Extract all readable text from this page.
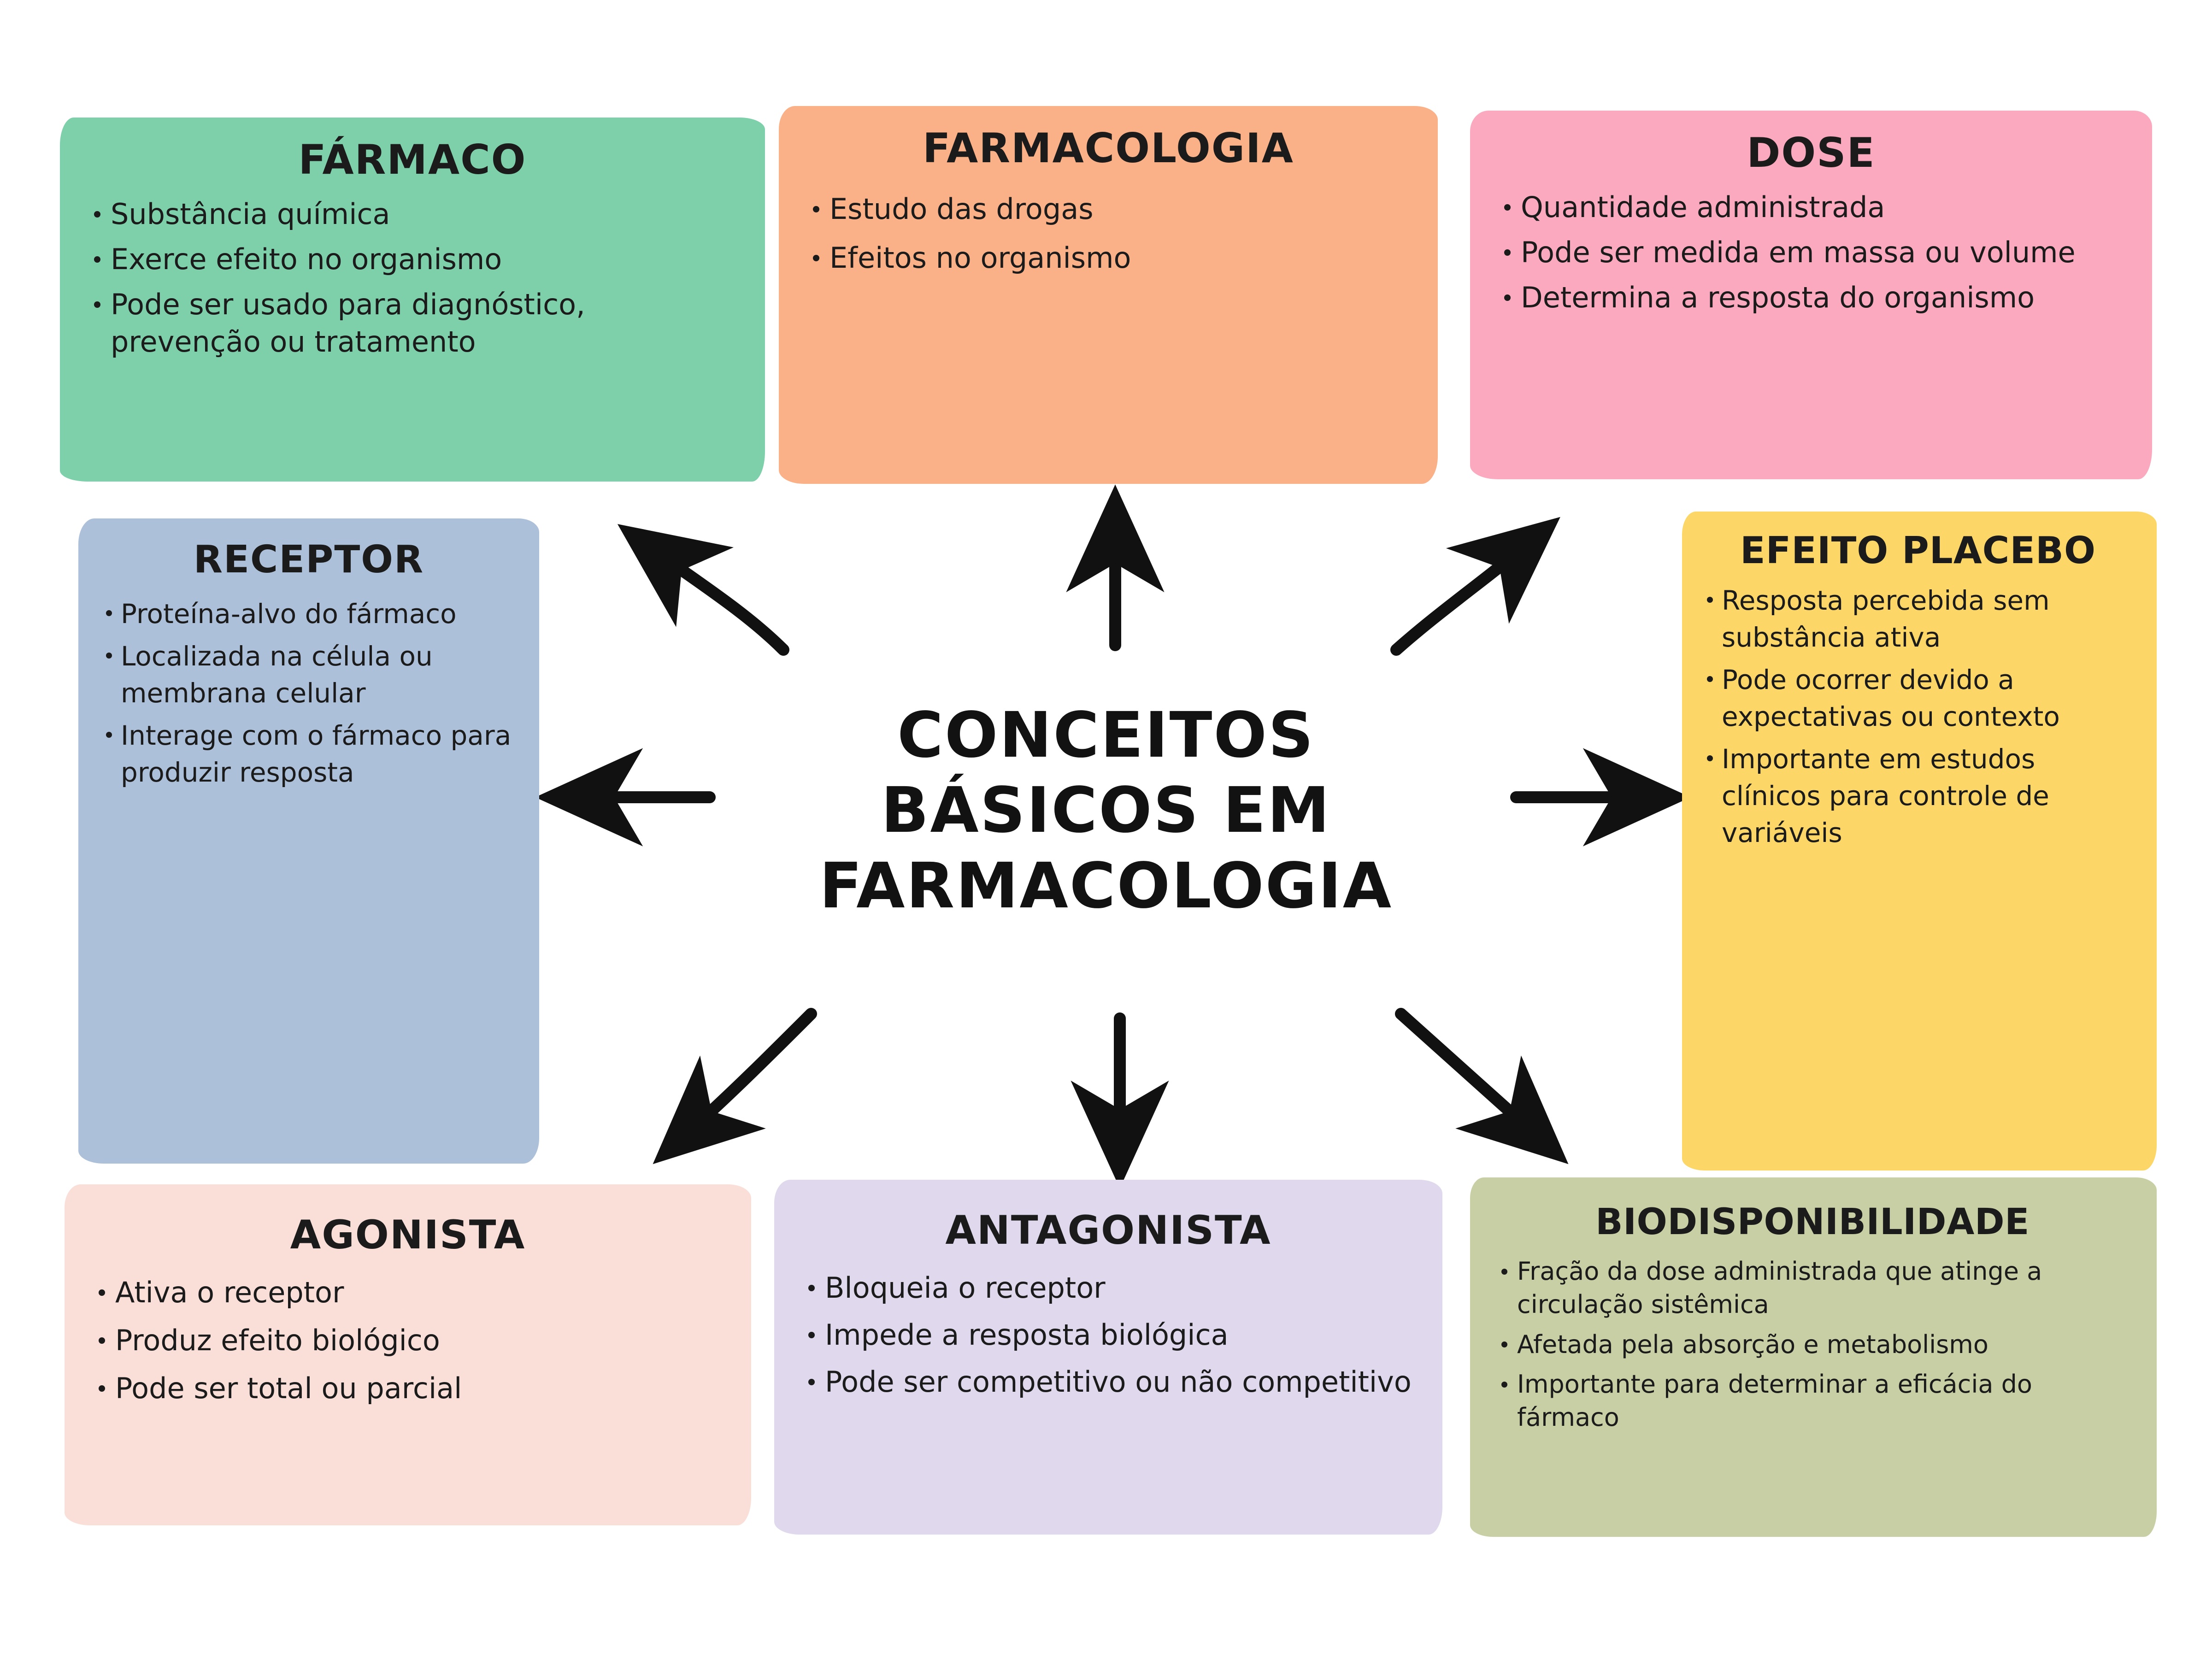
CONCEITOS
BÁSICOS EM
FARMACOLOGIA
FÁRMACO
Substância química
Exerce efeito no organismo
Pode ser usado para diagnóstico, prevenção ou tratamento
FARMACOLOGIA
Estudo das drogas
Efeitos no organismo
DOSE
Quantidade administrada
Pode ser medida em massa ou volume
Determina a resposta do organismo
EFEITO PLACEBO
Resposta percebida sem substância ativa
Pode ocorrer devido a expectativas ou contexto
Importante em estudos clínicos para controle de variáveis
RECEPTOR
Proteína-alvo do fármaco
Localizada na célula ou membrana celular
Interage com o fármaco para produzir resposta
AGONISTA
Ativa o receptor
Produz efeito biológico
Pode ser total ou parcial
ANTAGONISTA
Bloqueia o receptor
Impede a resposta biológica
Pode ser competitivo ou não competitivo
BIODISPONIBILIDADE
Fração da dose administrada que atinge a circulação sistêmica
Afetada pela absorção e metabolismo
Importante para determinar a eficácia do fármaco
